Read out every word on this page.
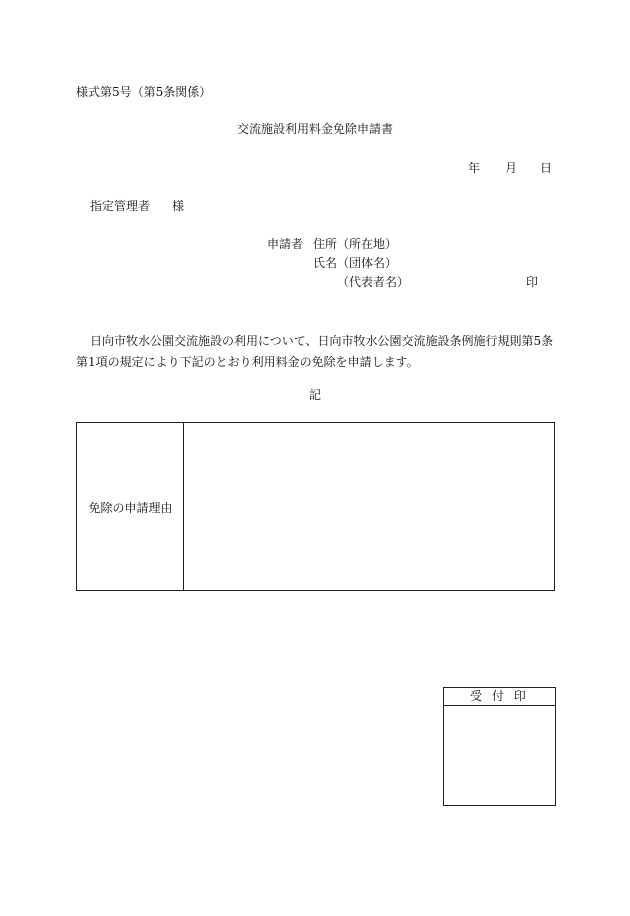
様式第5号（第5条関係）
交流施設利用料金免除申請書
年 月 日
指定管理者 様
申請者 住所（所在地）
氏名（団体名）
（代表者名）	印
日向市牧水公園交流施設の利用について、日向市牧水公園交流施設条例施行規則第5条第1項の規定により下記のとおり利用料金の免除を申請します。
記
免除の申請理由
受 付 印
